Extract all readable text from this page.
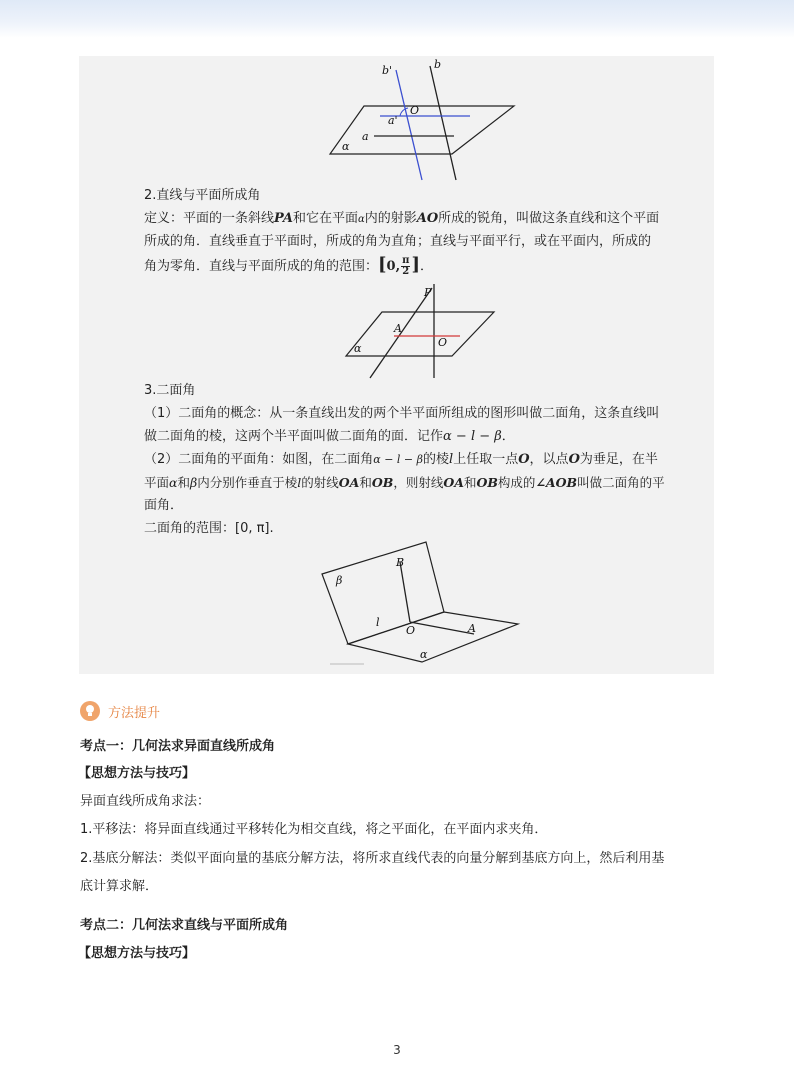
b'	b
O
a'
a
α
2.直线与平面所成角
定义：平面的一条斜线PA和它在平面α内的射影AO所成的锐角，叫做这条直线和这个平面
所成的角．直线垂直于平面时，所成的角为直角；直线与平面平行，或在平面内，所成的
角为零角．直线与平面所成的角的范围：[0, $\frac{\pi}{2}$ ]．
P
A
O
α
3.二面角
（1）二面角的概念：从一条直线出发的两个半平面所组成的图形叫做二面角，这条直线叫
做二面角的棱，这两个半平面叫做二面角的面．记作α − l − β．
（2）二面角的平面角：如图，在二面角α − l − β的棱l上任取一点O，以点O为垂足，在半
平面α和β内分别作垂直于棱l的射线OA和OB，则射线OA和OB构成的∠AOB叫做二面角的平
面角．
二面角的范围：[0, π].
B
β
l
O	A
α
方法提升
考点一：几何法求异面直线所成角
【思想方法与技巧】
异面直线所成角求法：
1.平移法：将异面直线通过平移转化为相交直线，将之平面化，在平面内求夹角．
2.基底分解法：类似平面向量的基底分解方法，将所求直线代表的向量分解到基底方向上，然后利用基
底计算求解．
考点二：几何法求直线与平面所成角
【思想方法与技巧】
3
